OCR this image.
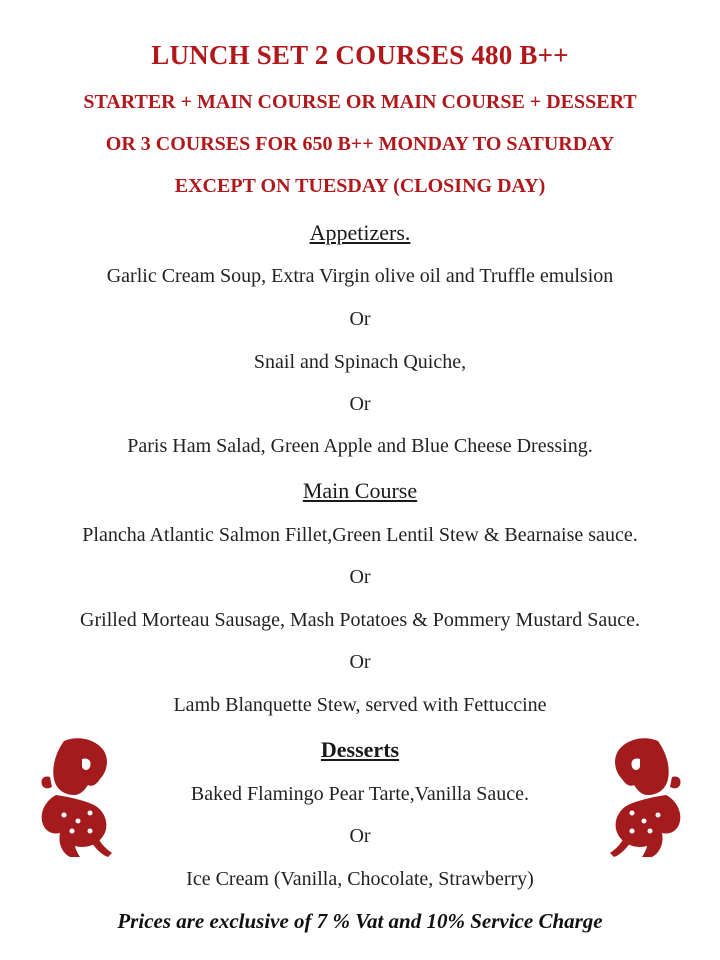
LUNCH SET 2 COURSES 480 B++
STARTER + MAIN COURSE OR MAIN COURSE + DESSERT
OR 3 COURSES FOR 650 B++ MONDAY TO SATURDAY
EXCEPT ON TUESDAY (CLOSING DAY)
Appetizers.
Garlic Cream Soup, Extra Virgin olive oil and Truffle emulsion
Or
Snail and Spinach Quiche,
Or
Paris Ham Salad, Green Apple and Blue Cheese Dressing.
Main Course
Plancha Atlantic Salmon Fillet,Green Lentil Stew & Bearnaise sauce.
Or
Grilled Morteau Sausage, Mash Potatoes & Pommery Mustard Sauce.
Or
Lamb Blanquette Stew, served with Fettuccine
Desserts
Baked Flamingo Pear Tarte,Vanilla Sauce.
Or
Ice Cream (Vanilla, Chocolate, Strawberry)
Prices are exclusive of 7 % Vat and 10% Service Charge
